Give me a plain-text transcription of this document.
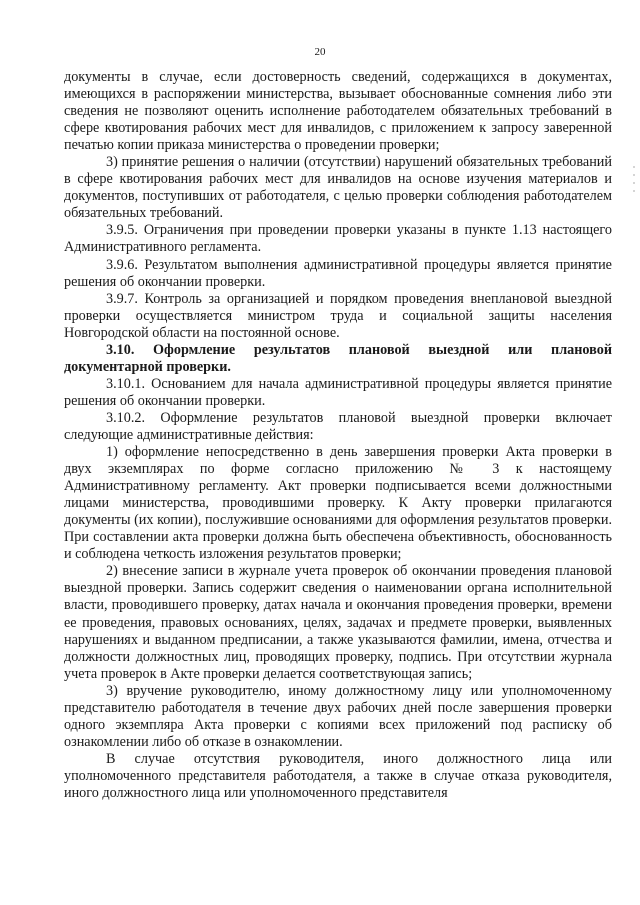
20

документы в случае, если достоверность сведений, содержащихся в документах, имеющихся в распоряжении министерства, вызывает обоснованные сомнения либо эти сведения не позволяют оценить исполнение работодателем обязательных требований в сфере квотирования рабочих мест для инвалидов, с приложением к запросу заверенной печатью копии приказа министерства о проведении проверки;

3) принятие решения о наличии (отсутствии) нарушений обязательных требований в сфере квотирования рабочих мест для инвалидов на основе изучения материалов и документов, поступивших от работодателя, с целью проверки соблюдения работодателем обязательных требований.

3.9.5. Ограничения при проведении проверки указаны в пункте 1.13 настоящего Административного регламента.

3.9.6. Результатом выполнения административной процедуры является принятие решения об окончании проверки.

3.9.7. Контроль за организацией и порядком проведения внеплановой выездной проверки осуществляется министром труда и социальной защиты населения Новгородской области на постоянной основе.

3.10. Оформление результатов плановой выездной или плановой документарной проверки.

3.10.1. Основанием для начала административной процедуры является принятие решения об окончании проверки.

3.10.2. Оформление результатов плановой выездной проверки включает следующие административные действия:

1) оформление непосредственно в день завершения проверки Акта проверки в двух экземплярах по форме согласно приложению № 3 к настоящему Административному регламенту. Акт проверки подписывается всеми должностными лицами министерства, проводившими проверку. К Акту проверки прилагаются документы (их копии), послужившие основаниями для оформления результатов проверки. При составлении акта проверки должна быть обеспечена объективность, обоснованность и соблюдена четкость изложения результатов проверки;

2) внесение записи в журнале учета проверок об окончании проведения плановой выездной проверки. Запись содержит сведения о наименовании органа исполнительной власти, проводившего проверку, датах начала и окончания проведения проверки, времени ее проведения, правовых основаниях, целях, задачах и предмете проверки, выявленных нарушениях и выданном предписании, а также указываются фамилии, имена, отчества и должности должностных лиц, проводящих проверку, подпись. При отсутствии журнала учета проверок в Акте проверки делается соответствующая запись;

3) вручение руководителю, иному должностному лицу или уполномоченному представителю работодателя в течение двух рабочих дней после завершения проверки одного экземпляра Акта проверки с копиями всех приложений под расписку об ознакомлении либо об отказе в ознакомлении.

В случае отсутствия руководителя, иного должностного лица или уполномоченного представителя работодателя, а также в случае отказа руководителя, иного должностного лица или уполномоченного представителя
